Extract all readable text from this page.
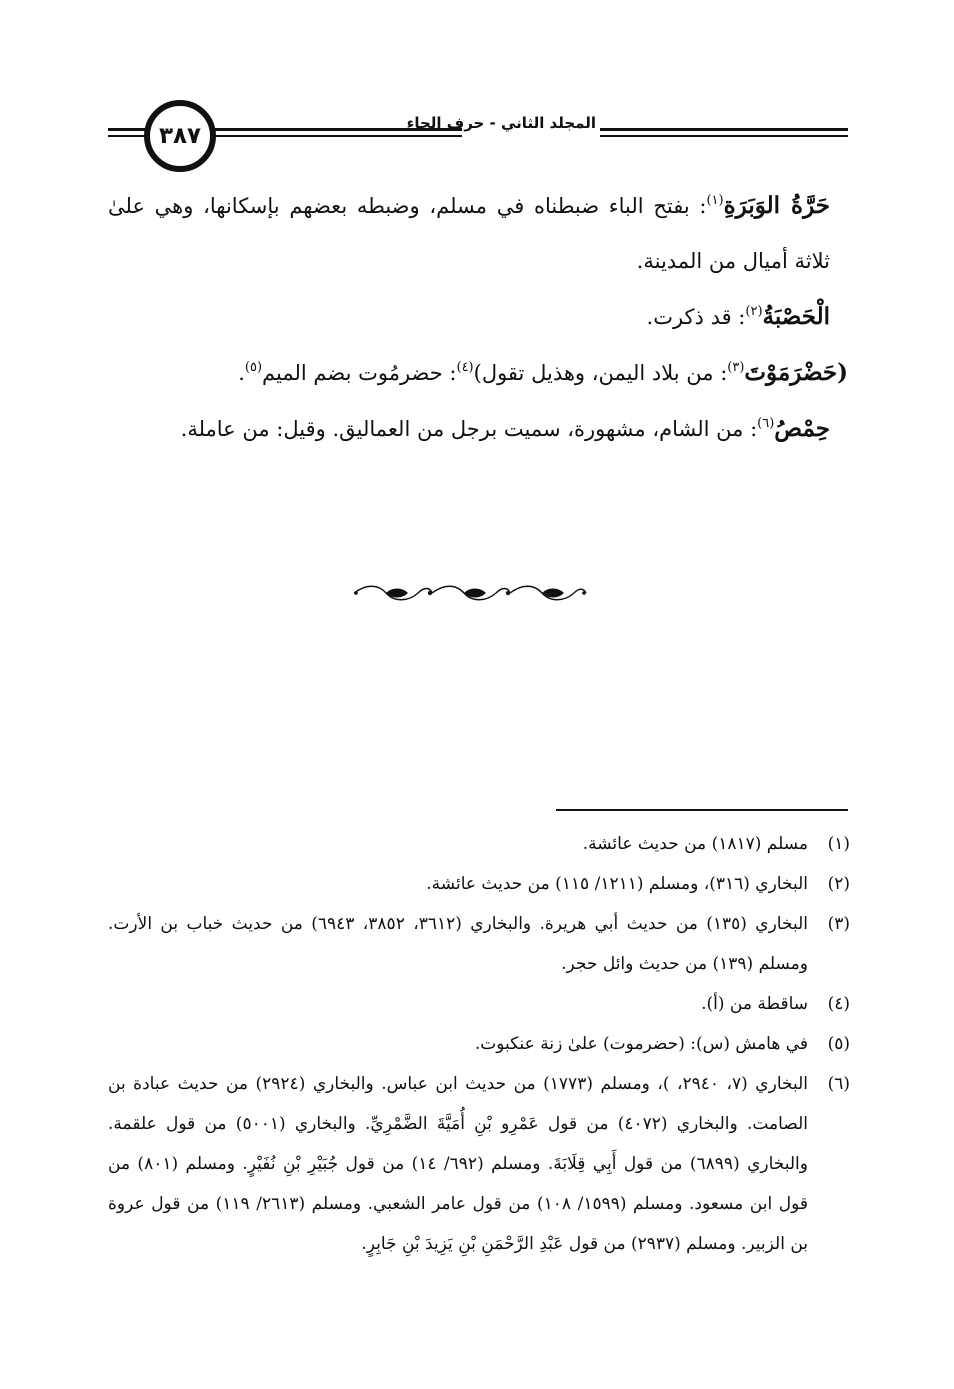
المجلد الثاني - حرف الحاء
٣٨٧

حَرَّةُ الوَبَرَةِ$^{(١)}$: بفتح الباء ضبطناه في مسلم، وضبطه بعضهم بإسكانها، وهي علىٰ ثلاثة أميال من المدينة.

الْحَصْبَةُ$^{(٢)}$: قد ذكرت.

(حَضْرَمَوْتَ$^{(٣)}$: من بلاد اليمن، وهذيل تقول)$^{(٤)}$: حضرمُوت بضم الميم$^{(٥)}$.

حِمْصُ$^{(٦)}$: من الشام، مشهورة، سميت برجل من العماليق. وقيل: من عاملة.

(١)
مسلم (١٨١٧) من حديث عائشة.
(٢)
البخاري (٣١٦)، ومسلم (١٢١١/ ١١٥) من حديث عائشة.
(٣)
البخاري (١٣٥) من حديث أبي هريرة. والبخاري (٣٦١٢، ٣٨٥٢، ٦٩٤٣) من حديث خباب بن الأرت. ومسلم (١٣٩) من حديث وائل حجر.
(٤)
ساقطة من (أ).
(٥)
في هامش (س): (حضرموت) علىٰ زنة عنكبوت.
(٦)
البخاري (٧، ٢٩٤٠، )، ومسلم (١٧٧٣) من حديث ابن عباس. والبخاري (٢٩٢٤) من حديث عبادة بن الصامت. والبخاري (٤٠٧٢) من قول عَمْرِو بْنِ أُمَيَّةَ الضَّمْرِيِّ. والبخاري (٥٠٠١) من قول علقمة. والبخاري (٦٨٩٩) من قول أَبِي قِلَابَةَ. ومسلم (٦٩٢/ ١٤) من قول جُبَيْرِ بْنِ نُفَيْرٍ. ومسلم (٨٠١) من قول ابن مسعود. ومسلم (١٥٩٩/ ١٠٨) من قول عامر الشعبي. ومسلم (٢٦١٣/ ١١٩) من قول عروة بن الزبير. ومسلم (٢٩٣٧) من قول عَبْدِ الرَّحْمَنِ بْنِ يَزِيدَ بْنِ جَابِرٍ.
